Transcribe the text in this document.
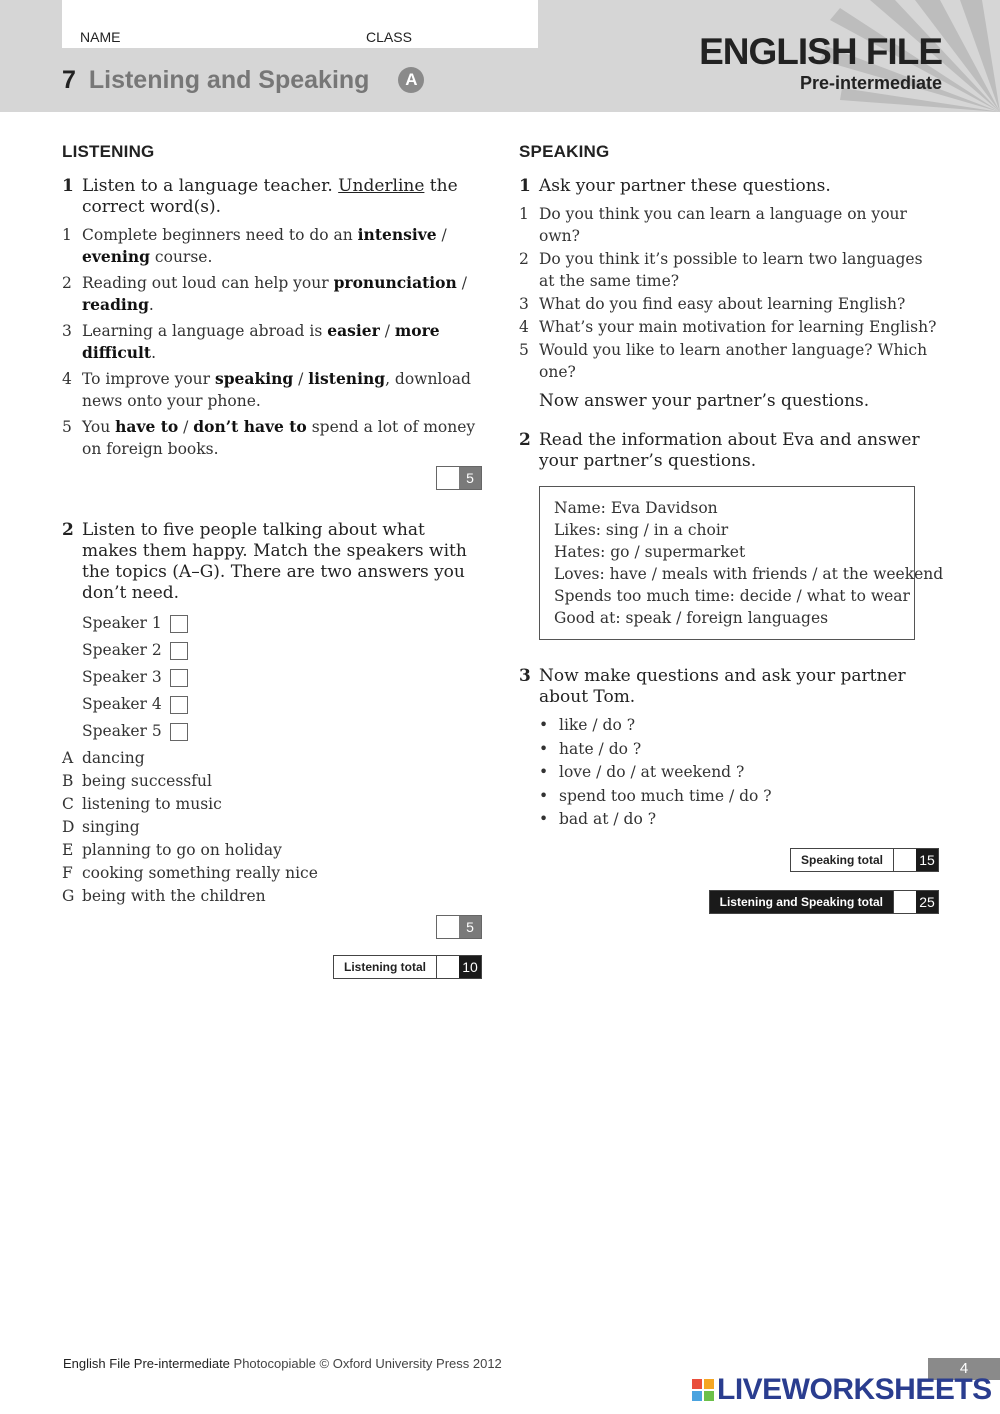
NAME	CLASS
7 Listening and Speaking A
ENGLISH FILE
Pre-intermediate
LISTENING
1 Listen to a language teacher. Underline the correct word(s).
1 Complete beginners need to do an intensive / evening course.
2 Reading out loud can help your pronunciation / reading.
3 Learning a language abroad is easier / more difficult.
4 To improve your speaking / listening, download news onto your phone.
5 You have to / don’t have to spend a lot of money on foreign books.
5
2 Listen to five people talking about what makes them happy. Match the speakers with the topics (A–G). There are two answers you don’t need.
Speaker 1
Speaker 2
Speaker 3
Speaker 4
Speaker 5
A dancing
B being successful
C listening to music
D singing
E planning to go on holiday
F cooking something really nice
G being with the children
5
Listening total	10
SPEAKING
1 Ask your partner these questions.
1 Do you think you can learn a language on your own?
2 Do you think it’s possible to learn two languages at the same time?
3 What do you find easy about learning English?
4 What’s your main motivation for learning English?
5 Would you like to learn another language? Which one?
Now answer your partner’s questions.
2 Read the information about Eva and answer your partner’s questions.
Name: Eva Davidson
Likes: sing / in a choir
Hates: go / supermarket
Loves: have / meals with friends / at the weekend
Spends too much time: decide / what to wear
Good at: speak / foreign languages
3 Now make questions and ask your partner about Tom.
• like / do ?
• hate / do ?
• love / do / at weekend ?
• spend too much time / do ?
• bad at / do ?
Speaking total	15
Listening and Speaking total	25
English File Pre-intermediate Photocopiable © Oxford University Press 2012	4
LIVEWORKSHEETS
